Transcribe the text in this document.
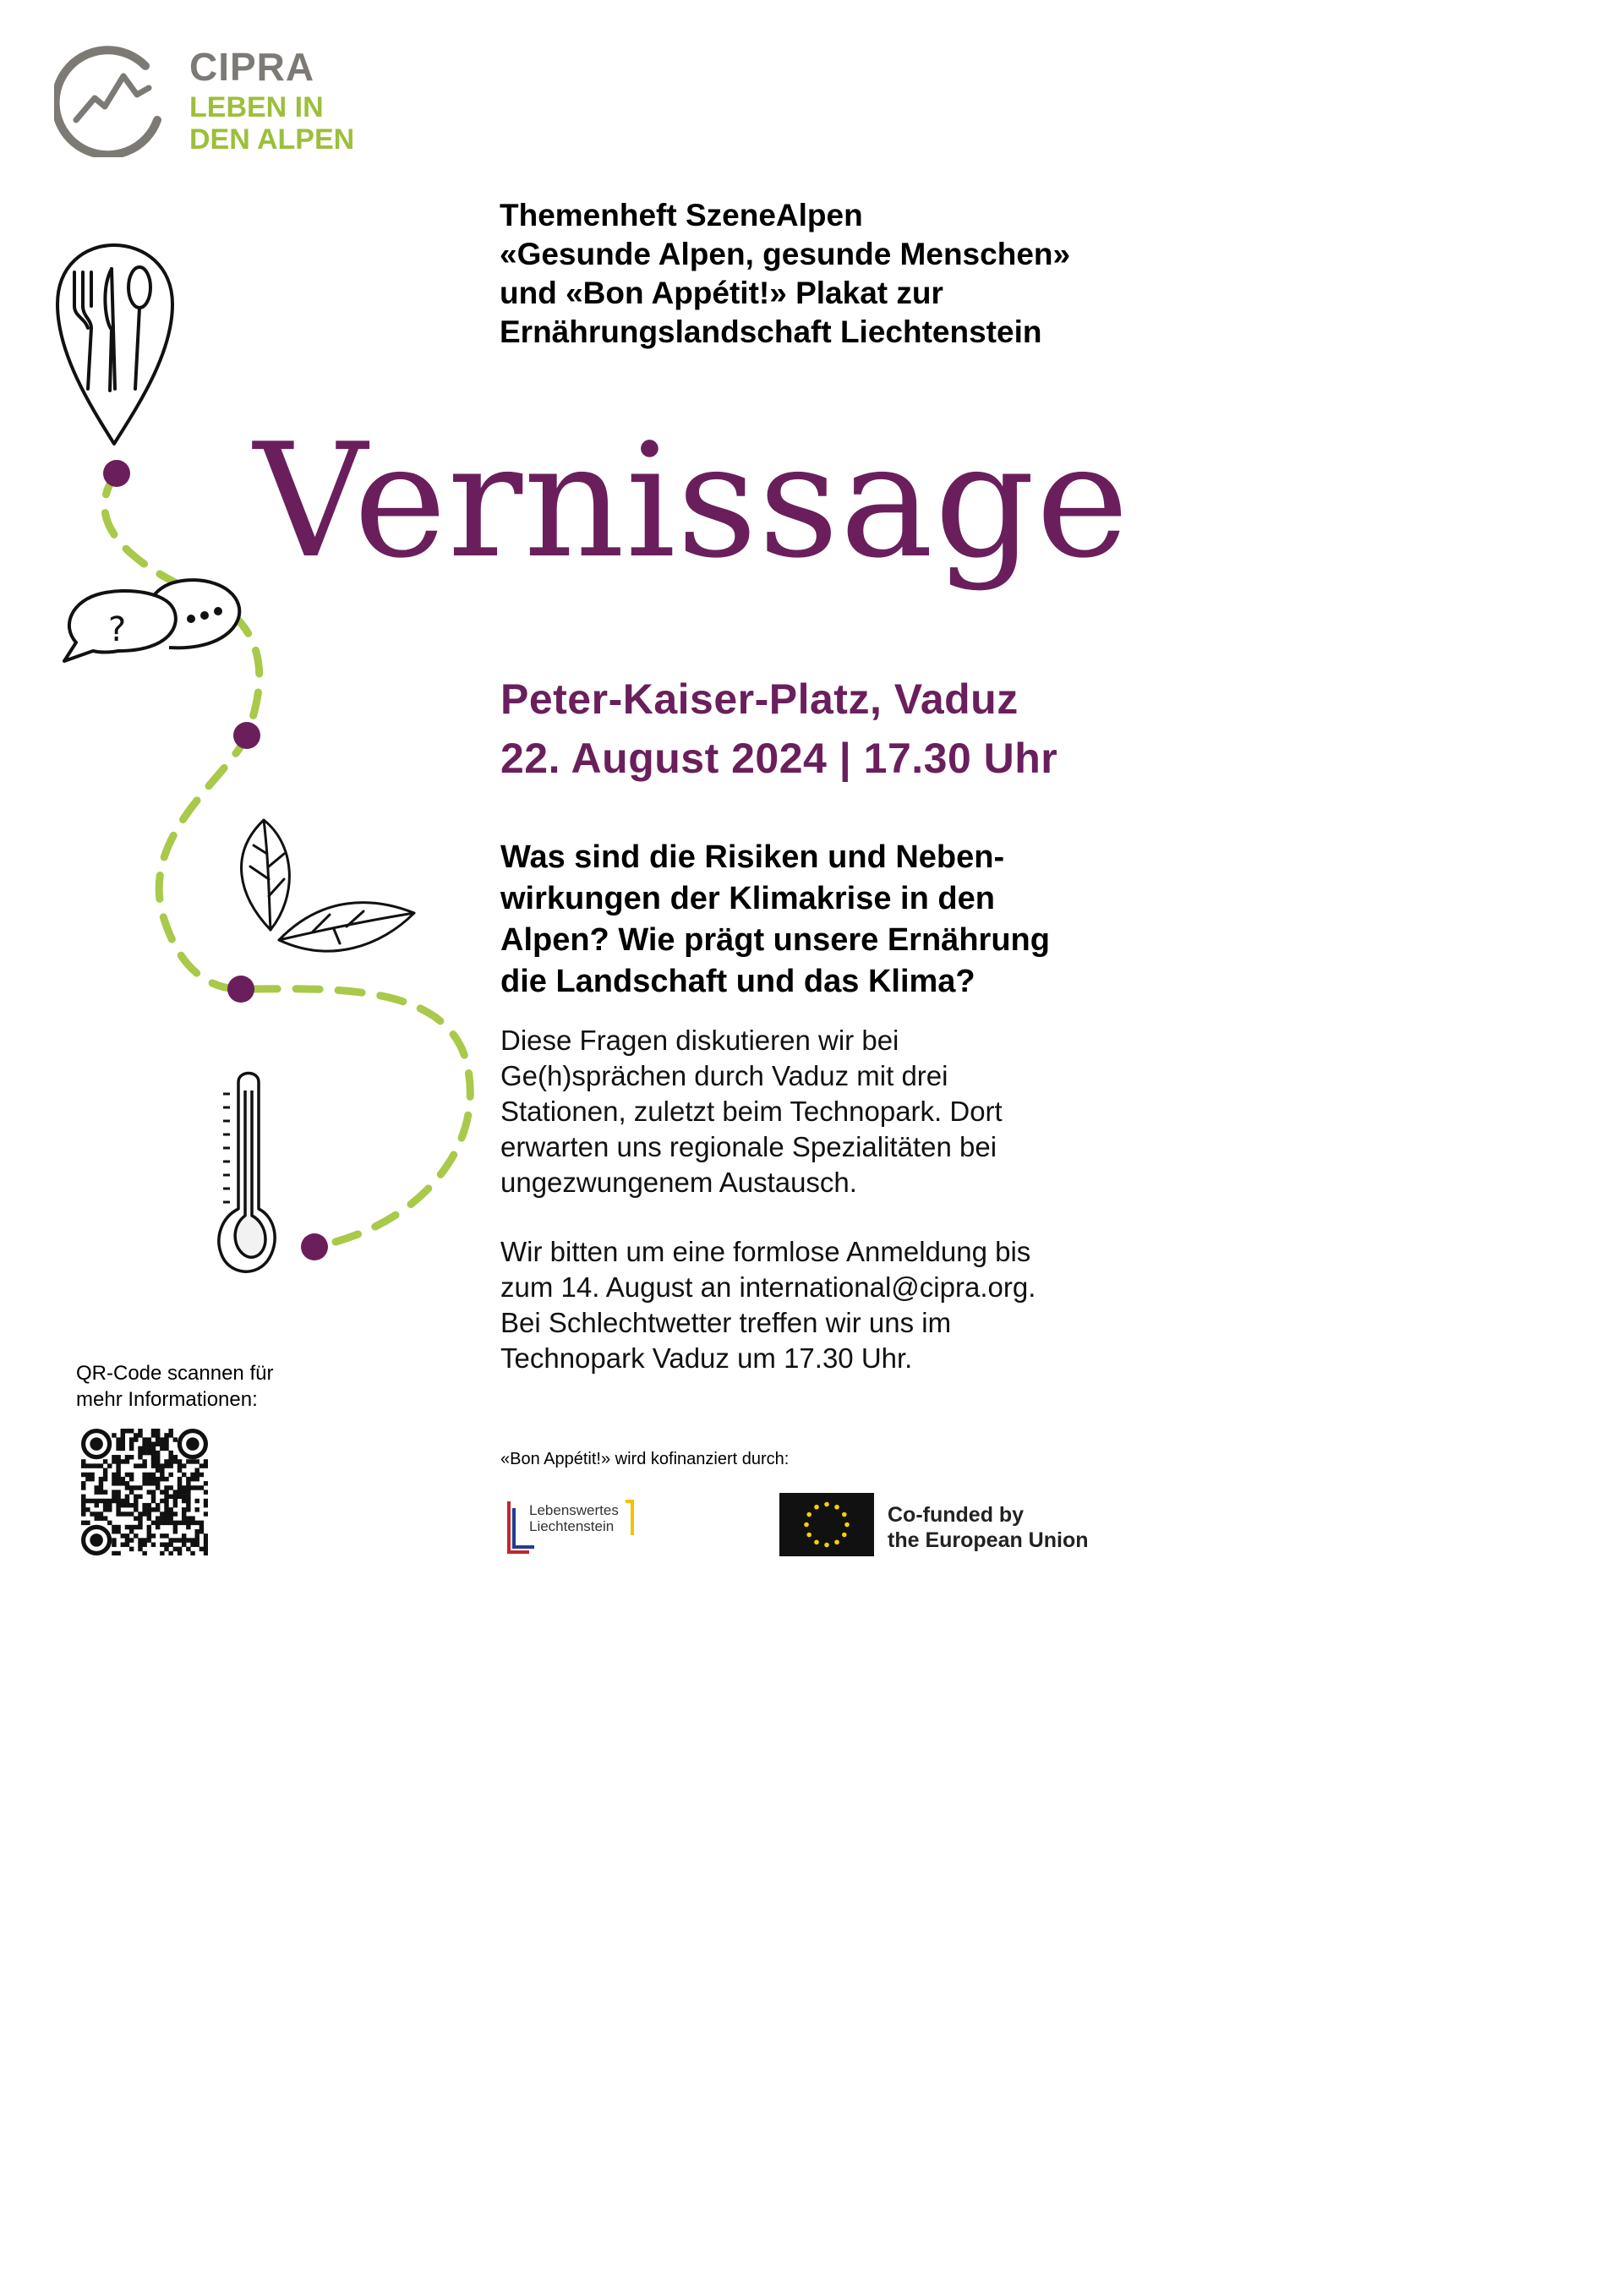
CIPRA
LEBEN IN
DEN ALPEN
Themenheft SzeneAlpen
«Gesunde Alpen, gesunde Menschen»
und «Bon Appétit!» Plakat zur
Ernährungslandschaft Liechtenstein
?
Vernissage
Peter-Kaiser-Platz, Vaduz
22. August 2024 | 17.30 Uhr
Was sind die Risiken und Neben-
wirkungen der Klimakrise in den
Alpen? Wie prägt unsere Ernährung
die Landschaft und das Klima?
Diese Fragen diskutieren wir bei
Ge(h)sprächen durch Vaduz mit drei
Stationen, zuletzt beim Technopark. Dort
erwarten uns regionale Spezialitäten bei
ungezwungenem Austausch.
Wir bitten um eine formlose Anmeldung bis
zum 14. August an international@cipra.org.
Bei Schlechtwetter treffen wir uns im
Technopark Vaduz um 17.30 Uhr.
QR-Code scannen für
mehr Informationen:
«Bon Appétit!» wird kofinanziert durch:
Lebenswertes
Liechtenstein	Co-funded by
the European Union
